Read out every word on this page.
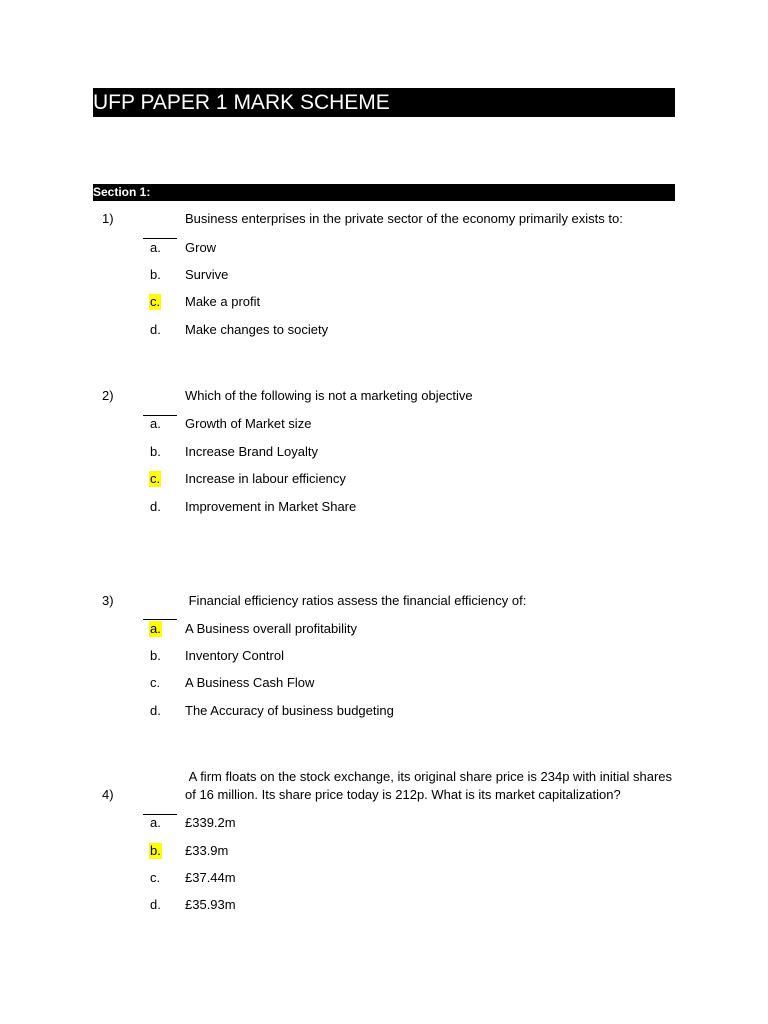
UFP PAPER 1 MARK SCHEME
Section 1:
1)	Business enterprises in the private sector of the economy primarily exists to:
a. Grow
b. Survive
c. Make a profit
d. Make changes to society
2)	Which of the following is not a marketing objective
a. Growth of Market size
b. Increase Brand Loyalty
c. Increase in labour efficiency
d. Improvement in Market Share
3)	Financial efficiency ratios assess the financial efficiency of:
a. A Business overall profitability
b. Inventory Control
c. A Business Cash Flow
d. The Accuracy of business budgeting
4)
A firm floats on the stock exchange, its original share price is 234p with initial shares of 16 million. Its share price today is 212p. What is its market capitalization?
a. £339.2m
b. £33.9m
c. £37.44m
d. £35.93m
